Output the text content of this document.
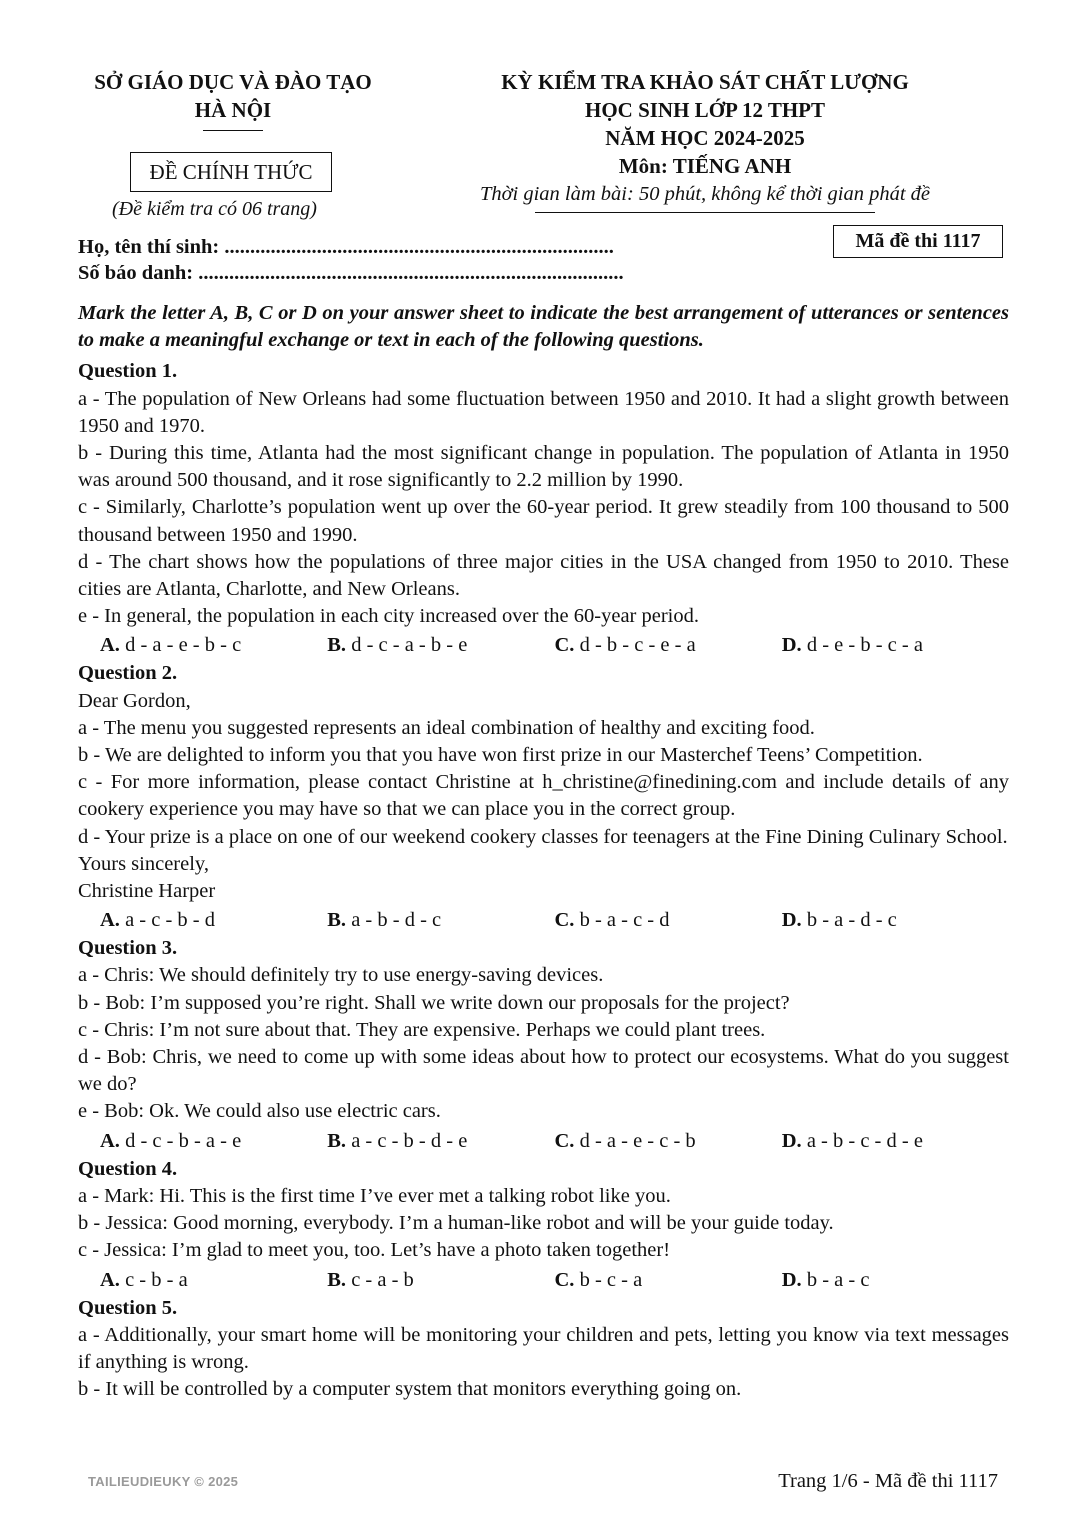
SỞ GIÁO DỤC VÀ ĐÀO TẠO
HÀ NỘI
ĐỀ CHÍNH THỨC
(Đề kiểm tra có 06 trang)
KỲ KIỂM TRA KHẢO SÁT CHẤT LƯỢNG
HỌC SINH LỚP 12 THPT
NĂM HỌC 2024-2025
Môn: TIẾNG ANH
Thời gian làm bài: 50 phút, không kể thời gian phát đề
Mã đề thi 1117
Họ, tên thí sinh: ............................................................................
Số báo danh: ...................................................................................
Mark the letter A, B, C or D on your answer sheet to indicate the best arrangement of utterances or sentences to make a meaningful exchange or text in each of the following questions.
Question 1.
a - The population of New Orleans had some fluctuation between 1950 and 2010. It had a slight growth between 1950 and 1970.
b - During this time, Atlanta had the most significant change in population. The population of Atlanta in 1950 was around 500 thousand, and it rose significantly to 2.2 million by 1990.
c - Similarly, Charlotte’s population went up over the 60-year period. It grew steadily from 100 thousand to 500 thousand between 1950 and 1990.
d - The chart shows how the populations of three major cities in the USA changed from 1950 to 2010. These cities are Atlanta, Charlotte, and New Orleans.
e - In general, the population in each city increased over the 60-year period.
A. d - a - e - b - c	B. d - c - a - b - e	C. d - b - c - e - a	D. d - e - b - c - a
Question 2.
Dear Gordon,
a - The menu you suggested represents an ideal combination of healthy and exciting food.
b - We are delighted to inform you that you have won first prize in our Masterchef Teens’ Competition.
c - For more information, please contact Christine at h_christine@finedining.com and include details of any cookery experience you may have so that we can place you in the correct group.
d - Your prize is a place on one of our weekend cookery classes for teenagers at the Fine Dining Culinary School.
Yours sincerely,
Christine Harper
A. a - c - b - d	B. a - b - d - c	C. b - a - c - d	D. b - a - d - c
Question 3.
a - Chris: We should definitely try to use energy-saving devices.
b - Bob: I’m supposed you’re right. Shall we write down our proposals for the project?
c - Chris: I’m not sure about that. They are expensive. Perhaps we could plant trees.
d - Bob: Chris, we need to come up with some ideas about how to protect our ecosystems. What do you suggest we do?
e - Bob: Ok. We could also use electric cars.
A. d - c - b - a - e	B. a - c - b - d - e	C. d - a - e - c - b	D. a - b - c - d - e
Question 4.
a - Mark: Hi. This is the first time I’ve ever met a talking robot like you.
b - Jessica: Good morning, everybody. I’m a human-like robot and will be your guide today.
c - Jessica: I’m glad to meet you, too. Let’s have a photo taken together!
A. c - b - a	B. c - a - b	C. b - c - a	D. b - a - c
Question 5.
a - Additionally, your smart home will be monitoring your children and pets, letting you know via text messages if anything is wrong.
b - It will be controlled by a computer system that monitors everything going on.
TAILIEUDIEUKY © 2025	Trang 1/6 - Mã đề thi 1117
